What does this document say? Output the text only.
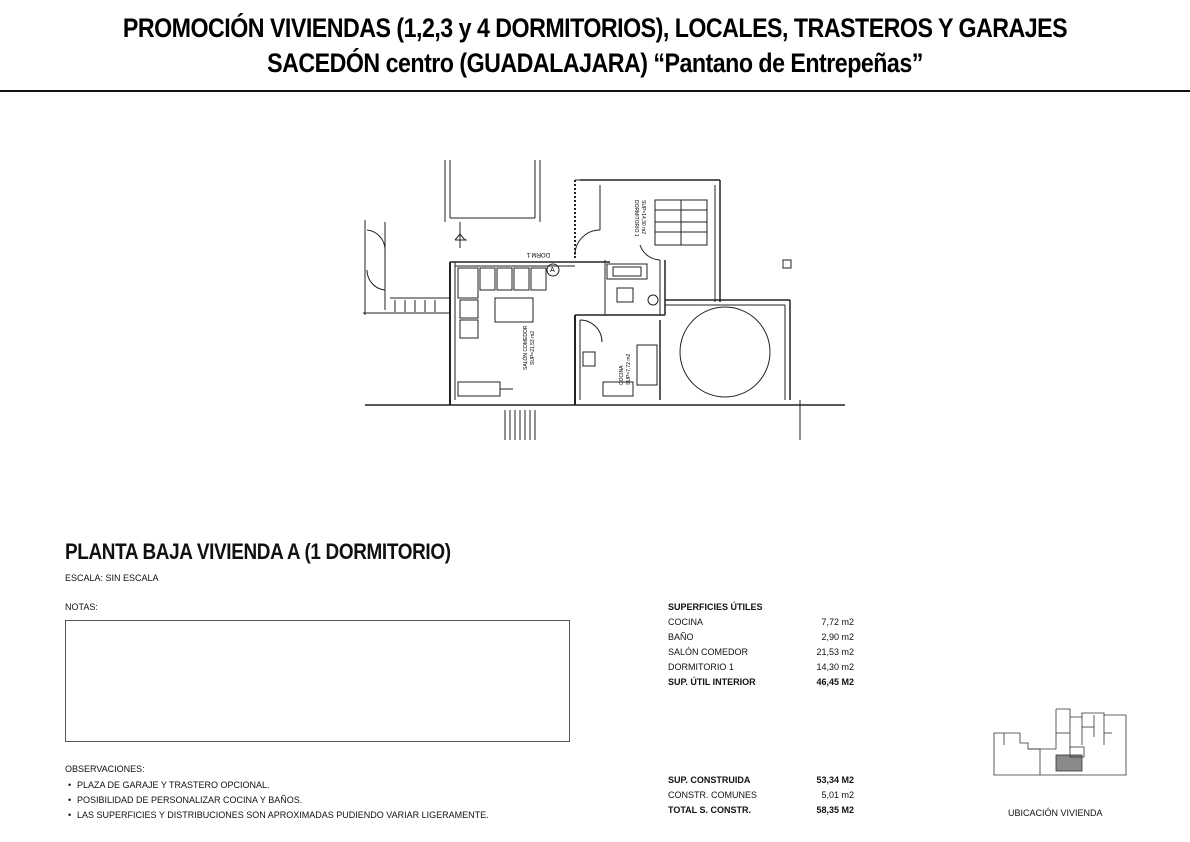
PROMOCIÓN VIVIENDAS (1,2,3 y 4 DORMITORIOS), LOCALES, TRASTEROS Y GARAJES
SACEDÓN centro (GUADALAJARA) “Pantano de Entrepeñas”
DORM.1
A
SALÓN COMEDOR SUP=21,53 m2
DORMITORIO 1 SUP=14,30 m2
COCINA SUP=7,72 m2
PLANTA BAJA VIVIENDA A (1 DORMITORIO)
ESCALA: SIN ESCALA
NOTAS:
OBSERVACIONES:
• PLAZA DE GARAJE Y TRASTERO OPCIONAL.
• POSIBILIDAD DE PERSONALIZAR COCINA Y BAÑOS.
• LAS SUPERFICIES Y DISTRIBUCIONES SON APROXIMADAS PUDIENDO VARIAR LIGERAMENTE.
SUPERFICIES ÚTILES
COCINA	7,72 m2
BAÑO	2,90 m2
SALÓN COMEDOR	21,53 m2
DORMITORIO 1	14,30 m2
SUP. ÚTIL INTERIOR	46,45 M2
SUP. CONSTRUIDA	53,34 M2
CONSTR. COMUNES	5,01 m2
TOTAL S. CONSTR.	58,35 M2	UBICACIÓN VIVIENDA
